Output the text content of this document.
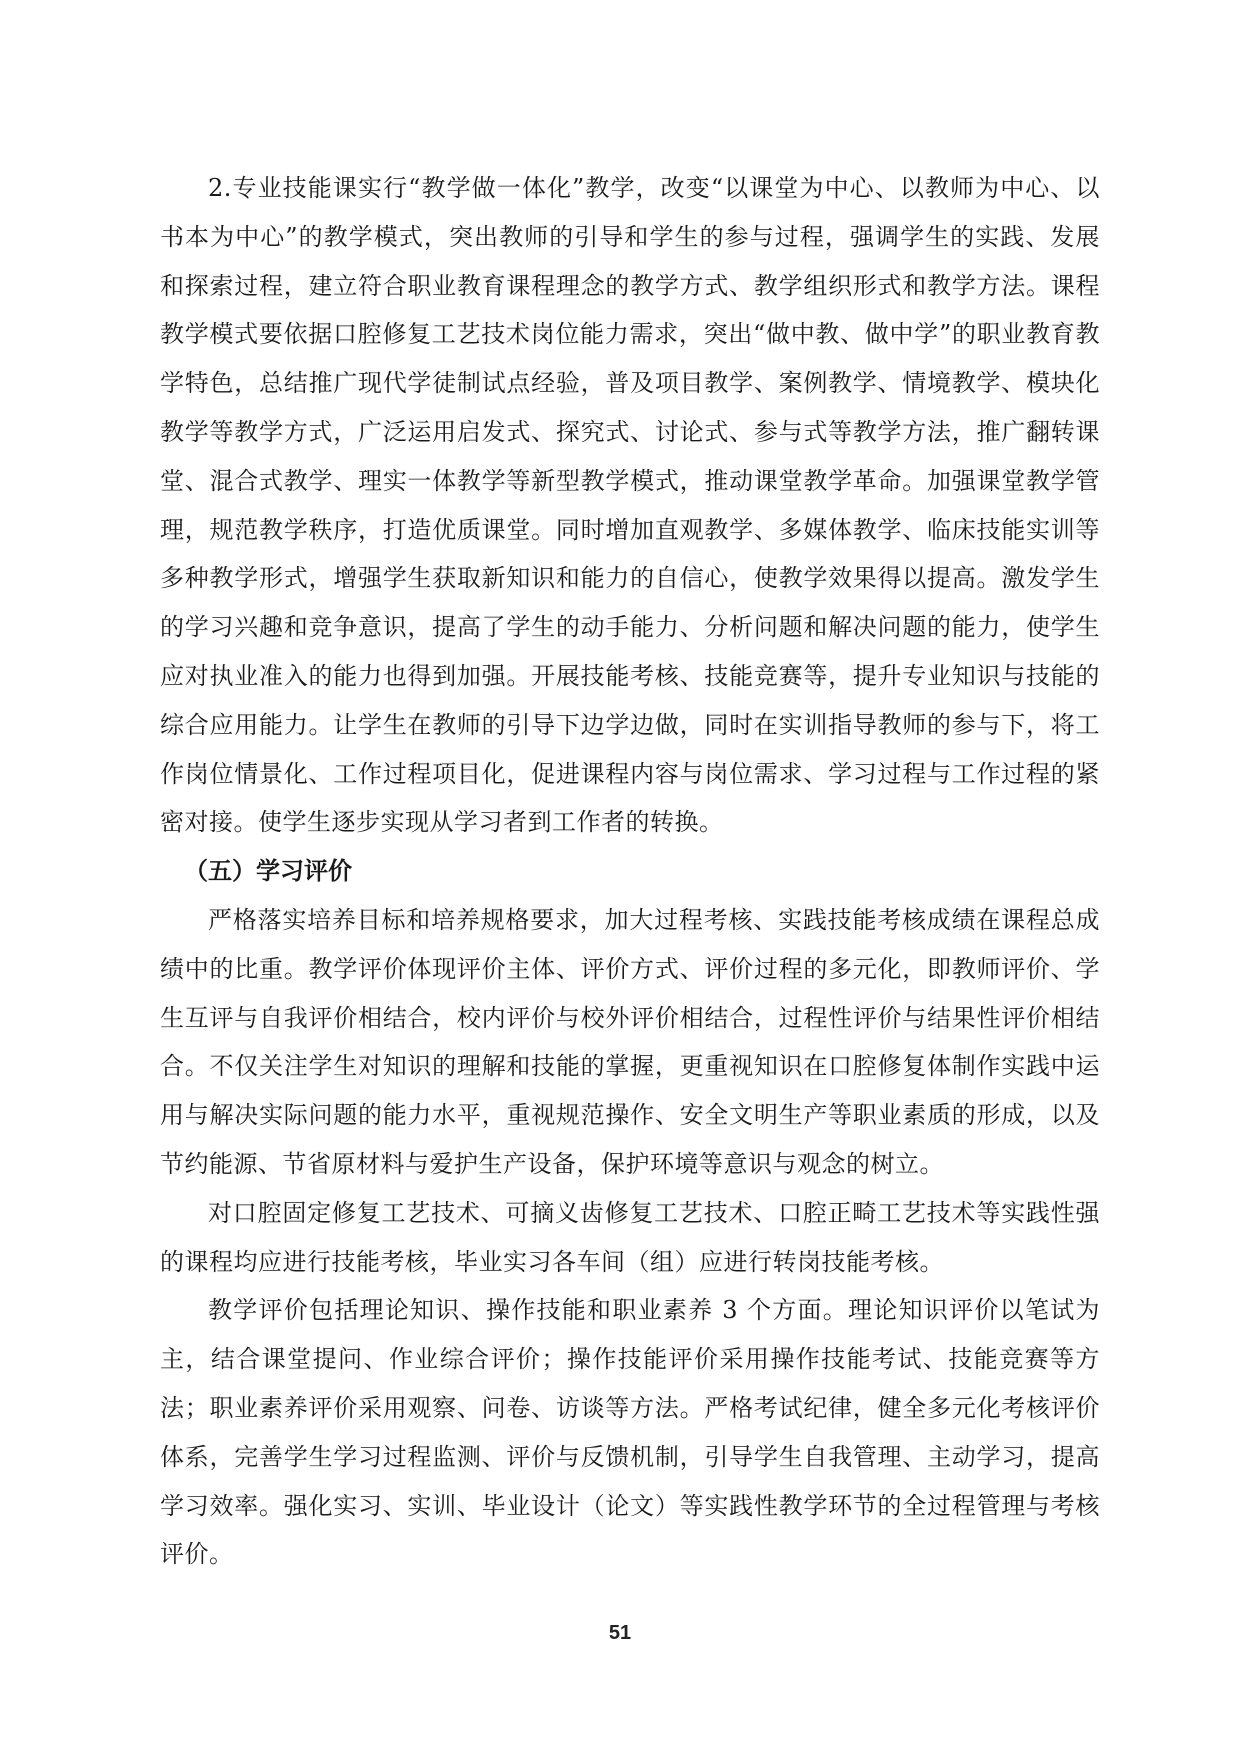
2.专业技能课实行“教学做一体化”教学，改变“以课堂为中心、以教师为中心、以书本为中心”的教学模式，突出教师的引导和学生的参与过程，强调学生的实践、发展和探索过程，建立符合职业教育课程理念的教学方式、教学组织形式和教学方法。课程教学模式要依据口腔修复工艺技术岗位能力需求，突出“做中教、做中学”的职业教育教学特色，总结推广现代学徒制试点经验，普及项目教学、案例教学、情境教学、模块化教学等教学方式，广泛运用启发式、探究式、讨论式、参与式等教学方法，推广翻转课堂、混合式教学、理实一体教学等新型教学模式，推动课堂教学革命。加强课堂教学管理，规范教学秩序，打造优质课堂。同时增加直观教学、多媒体教学、临床技能实训等多种教学形式，增强学生获取新知识和能力的自信心，使教学效果得以提高。激发学生的学习兴趣和竞争意识，提高了学生的动手能力、分析问题和解决问题的能力，使学生应对执业准入的能力也得到加强。开展技能考核、技能竞赛等，提升专业知识与技能的综合应用能力。让学生在教师的引导下边学边做，同时在实训指导教师的参与下，将工作岗位情景化、工作过程项目化，促进课程内容与岗位需求、学习过程与工作过程的紧密对接。使学生逐步实现从学习者到工作者的转换。

（五）学习评价

严格落实培养目标和培养规格要求，加大过程考核、实践技能考核成绩在课程总成绩中的比重。教学评价体现评价主体、评价方式、评价过程的多元化，即教师评价、学生互评与自我评价相结合，校内评价与校外评价相结合，过程性评价与结果性评价相结合。不仅关注学生对知识的理解和技能的掌握，更重视知识在口腔修复体制作实践中运用与解决实际问题的能力水平，重视规范操作、安全文明生产等职业素质的形成，以及节约能源、节省原材料与爱护生产设备，保护环境等意识与观念的树立。

对口腔固定修复工艺技术、可摘义齿修复工艺技术、口腔正畸工艺技术等实践性强的课程均应进行技能考核，毕业实习各车间（组）应进行转岗技能考核。

教学评价包括理论知识、操作技能和职业素养 3 个方面。理论知识评价以笔试为主，结合课堂提问、作业综合评价；操作技能评价采用操作技能考试、技能竞赛等方法；职业素养评价采用观察、问卷、访谈等方法。严格考试纪律，健全多元化考核评价体系，完善学生学习过程监测、评价与反馈机制，引导学生自我管理、主动学习，提高学习效率。强化实习、实训、毕业设计（论文）等实践性教学环节的全过程管理与考核评价。

51
